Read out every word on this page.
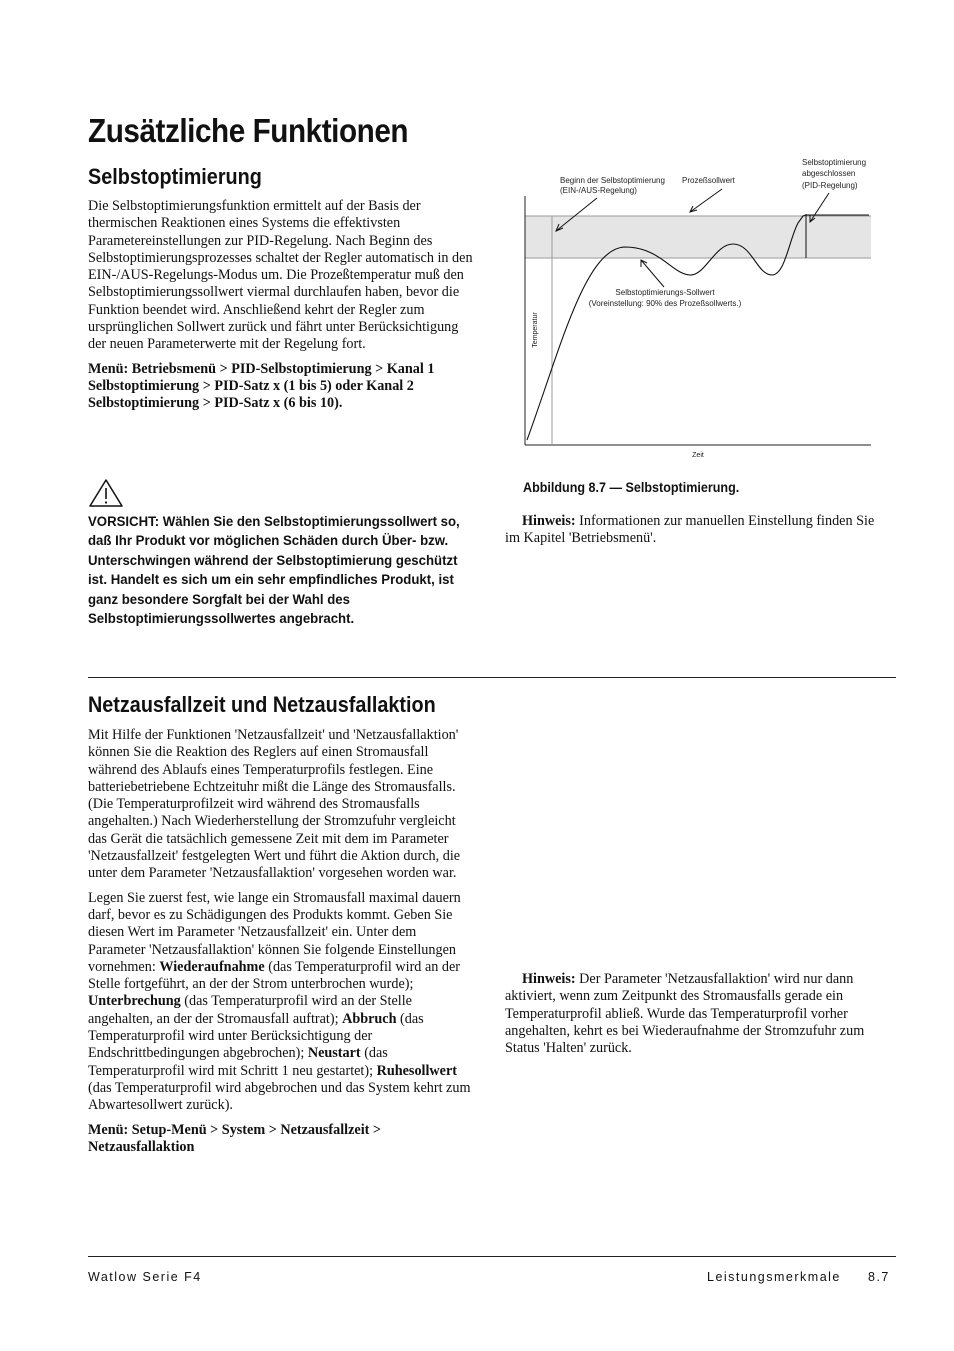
Zusätzliche Funktionen
Selbstoptimierung

Die Selbstoptimierungsfunktion ermittelt auf der Basis der thermischen Reaktionen eines Systems die effektivsten Parametereinstellungen zur PID-Regelung. Nach Beginn des Selbstoptimierungsprozesses schaltet der Regler automatisch in den EIN-/AUS-Regelungs-Modus um. Die Prozeßtemperatur muß den Selbstoptimierungssollwert viermal durchlaufen haben, bevor die Funktion beendet wird. Anschließend kehrt der Regler zum ursprünglichen Sollwert zurück und fährt unter Berücksichtigung der neuen Parameterwerte mit der Regelung fort.

Menü: Betriebsmenü > PID-Selbstoptimierung > Kanal 1 Selbstoptimierung > PID-Satz x (1 bis 5) oder Kanal 2 Selbstoptimierung > PID-Satz x (6 bis 10).

VORSICHT: Wählen Sie den Selbstoptimierungssollwert so, daß Ihr Produkt vor möglichen Schäden durch Über- bzw. Unterschwingen während der Selbstoptimierung geschützt ist. Handelt es sich um ein sehr empfindliches Produkt, ist ganz besondere Sorgfalt bei der Wahl des Selbstoptimierungssollwertes angebracht.
Beginn der Selbstoptimierung
(EIN-/AUS-Regelung)
Prozeßsollwert
Selbstoptimierung
abgeschlossen
(PID-Regelung)
Selbstoptimierungs-Sollwert
(Voreinstellung: 90% des Prozeßsollwerts.)
Temperatur
Zeit
Abbildung 8.7 — Selbstoptimierung.
Hinweis: Informationen zur manuellen Einstellung finden Sie im Kapitel 'Betriebsmenü'.
Netzausfallzeit und Netzausfallaktion

Mit Hilfe der Funktionen 'Netzausfallzeit' und 'Netzausfallaktion' können Sie die Reaktion des Reglers auf einen Stromausfall während des Ablaufs eines Temperaturprofils festlegen. Eine batteriebetriebene Echtzeituhr mißt die Länge des Stromausfalls. (Die Temperaturprofilzeit wird während des Stromausfalls angehalten.) Nach Wiederherstellung der Stromzufuhr vergleicht das Gerät die tatsächlich gemessene Zeit mit dem im Parameter 'Netzausfallzeit' festgelegten Wert und führt die Aktion durch, die unter dem Parameter 'Netzausfallaktion' vorgesehen worden war.

Legen Sie zuerst fest, wie lange ein Stromausfall maximal dauern darf, bevor es zu Schädigungen des Produkts kommt. Geben Sie diesen Wert im Parameter 'Netzausfallzeit' ein. Unter dem Parameter 'Netzausfallaktion' können Sie folgende Einstellungen vornehmen: Wiederaufnahme (das Temperaturprofil wird an der Stelle fortgeführt, an der der Strom unterbrochen wurde); Unterbrechung (das Temperaturprofil wird an der Stelle angehalten, an der der Stromausfall auftrat); Abbruch (das Temperaturprofil wird unter Berücksichtigung der Endschrittbedingungen abgebrochen); Neustart (das Temperaturprofil wird mit Schritt 1 neu gestartet); Ruhesollwert (das Temperaturprofil wird abgebrochen und das System kehrt zum Abwartesollwert zurück).

Menü: Setup-Menü > System > Netzausfallzeit > Netzausfallaktion

Hinweis: Der Parameter 'Netzausfallaktion' wird nur dann aktiviert, wenn zum Zeitpunkt des Stromausfalls gerade ein Temperaturprofil abließ. Wurde das Temperaturprofil vorher angehalten, kehrt es bei Wiederaufnahme der Stromzufuhr zum Status 'Halten' zurück.
Watlow Serie F4	Leistungsmerkmale 8.7
